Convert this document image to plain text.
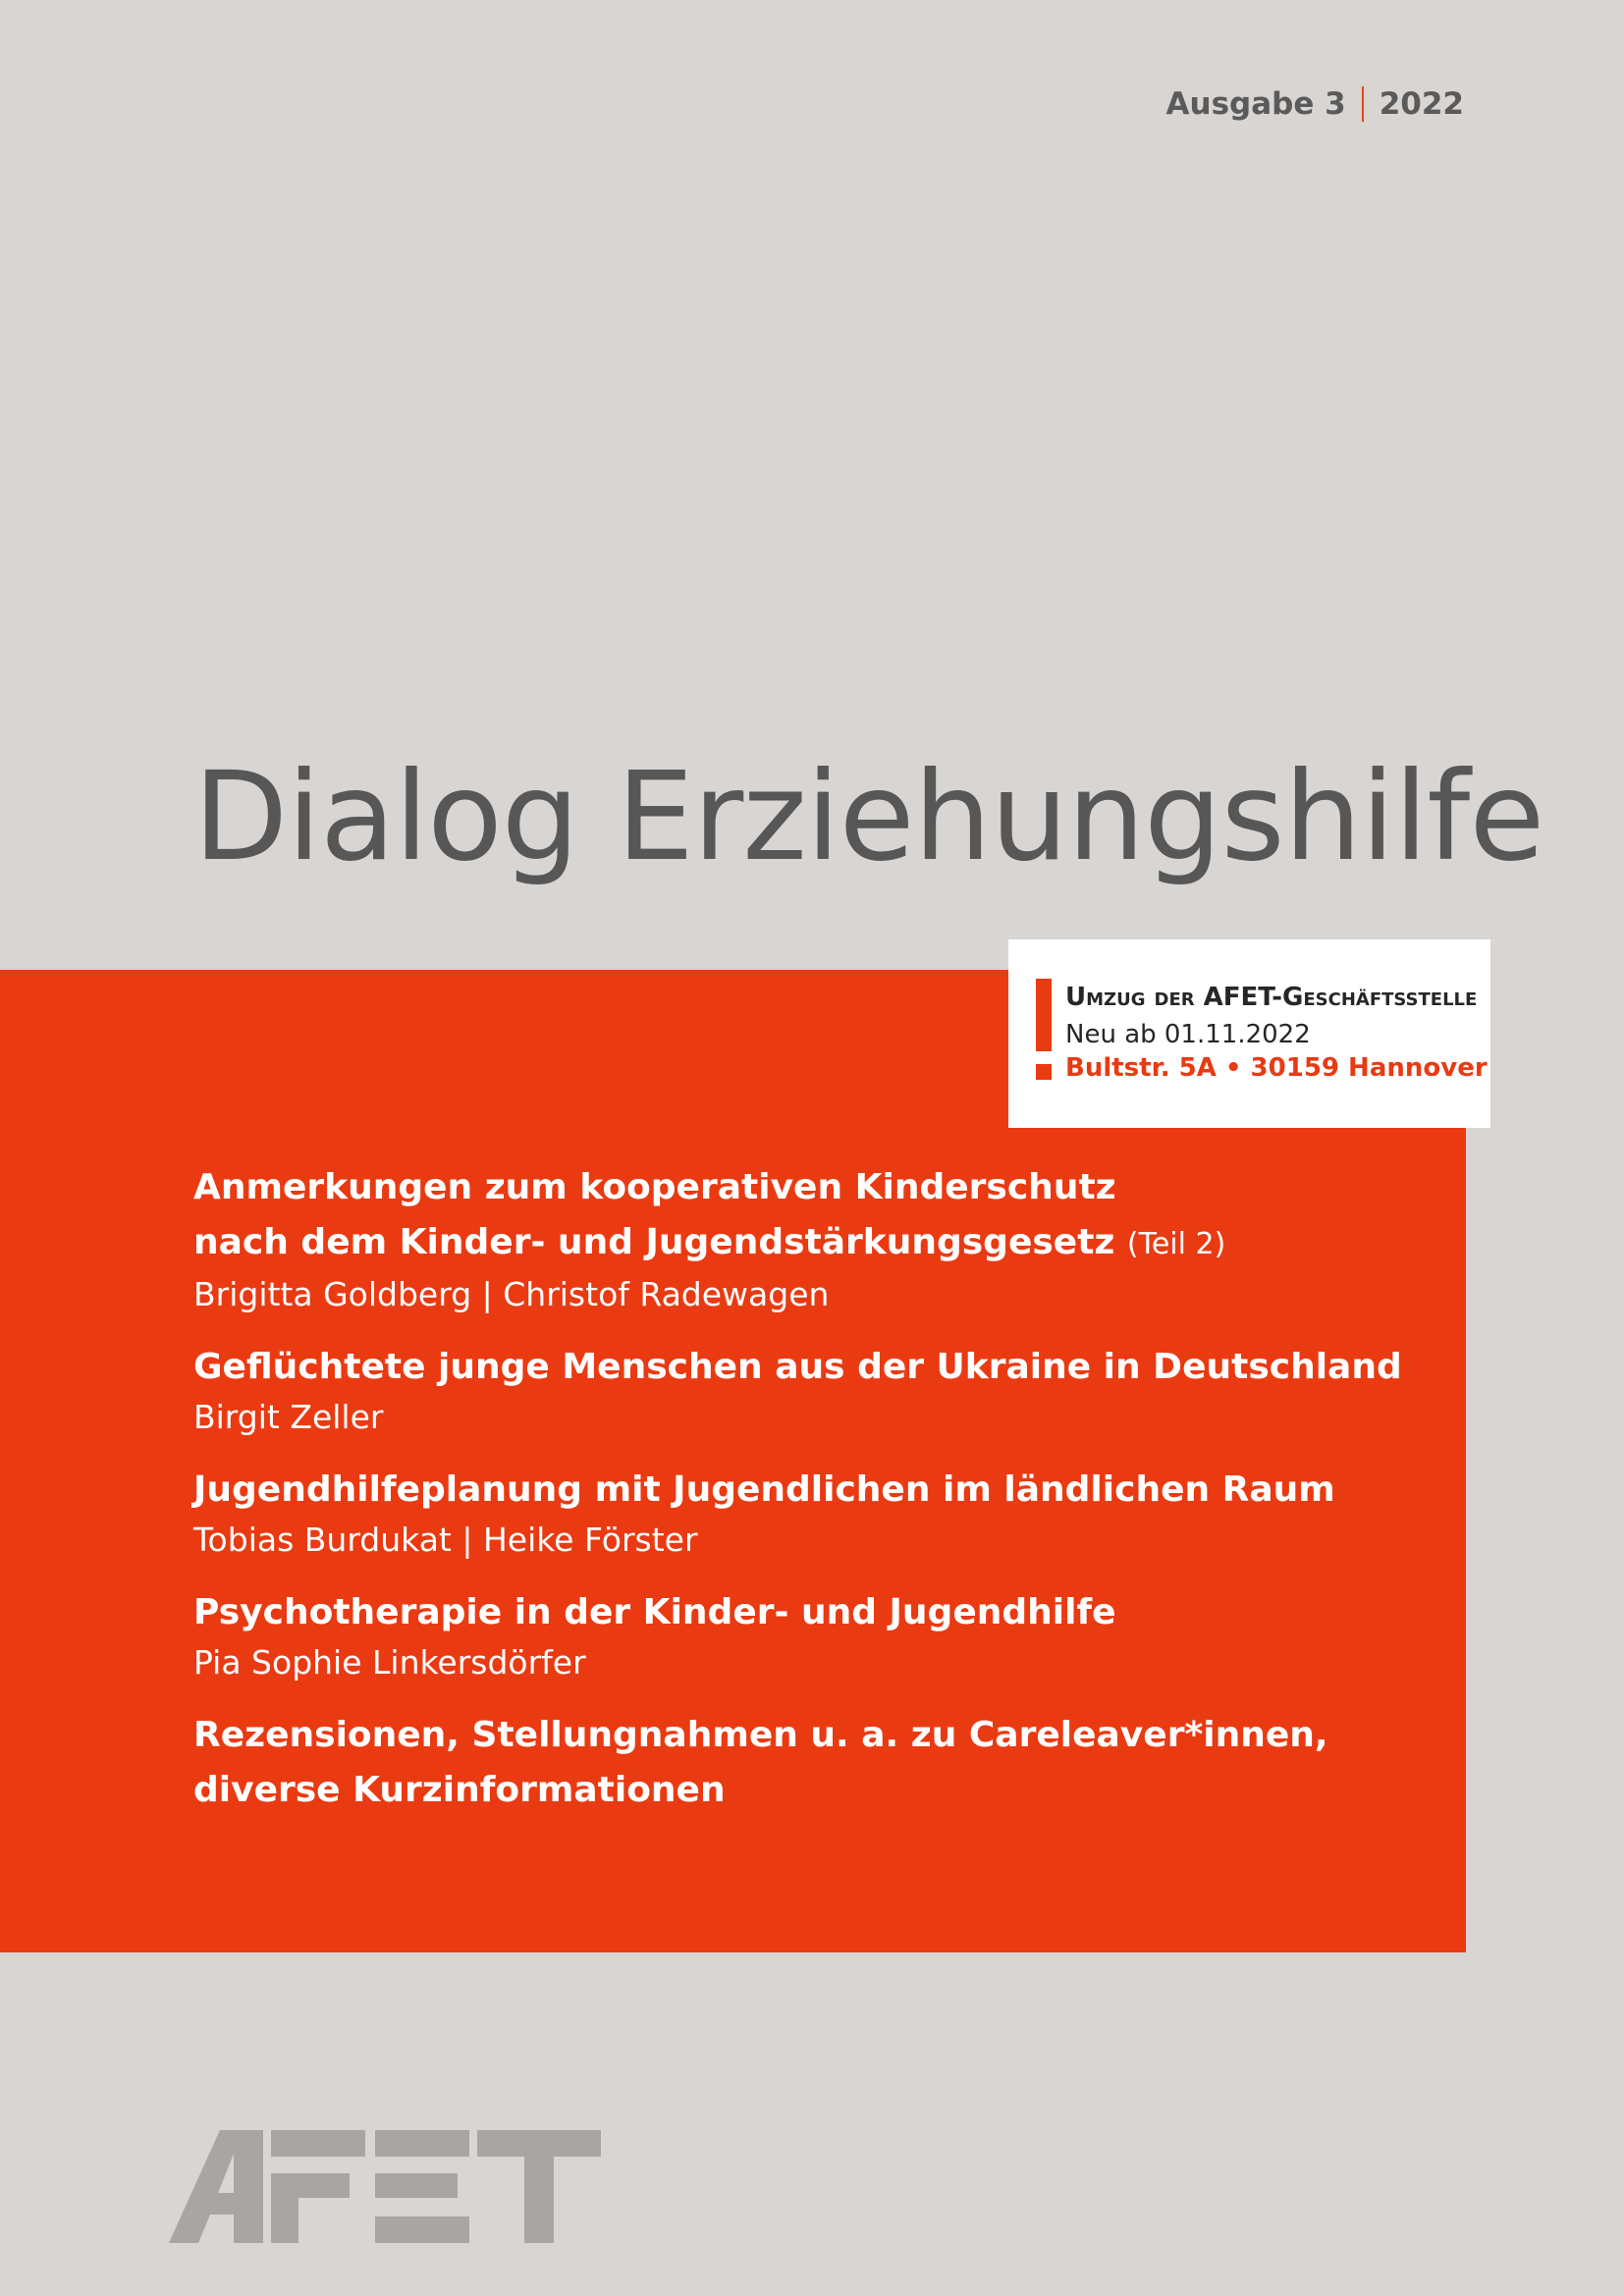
Ausgabe 3 2022
Dialog Erziehungshilfe
Umzug der AFET-Geschäftsstelle
Neu ab 01.11.2022
Bultstr. 5A • 30159 Hannover
Anmerkungen zum kooperativen Kinderschutz
nach dem Kinder- und Jugendstärkungsgesetz (Teil 2)
Brigitta Goldberg | Christof Radewagen
Geflüchtete junge Menschen aus der Ukraine in Deutschland
Birgit Zeller
Jugendhilfeplanung mit Jugendlichen im ländlichen Raum
Tobias Burdukat | Heike Förster
Psychotherapie in der Kinder- und Jugendhilfe
Pia Sophie Linkersdörfer
Rezensionen, Stellungnahmen u. a. zu Careleaver*innen,
diverse Kurzinformationen
